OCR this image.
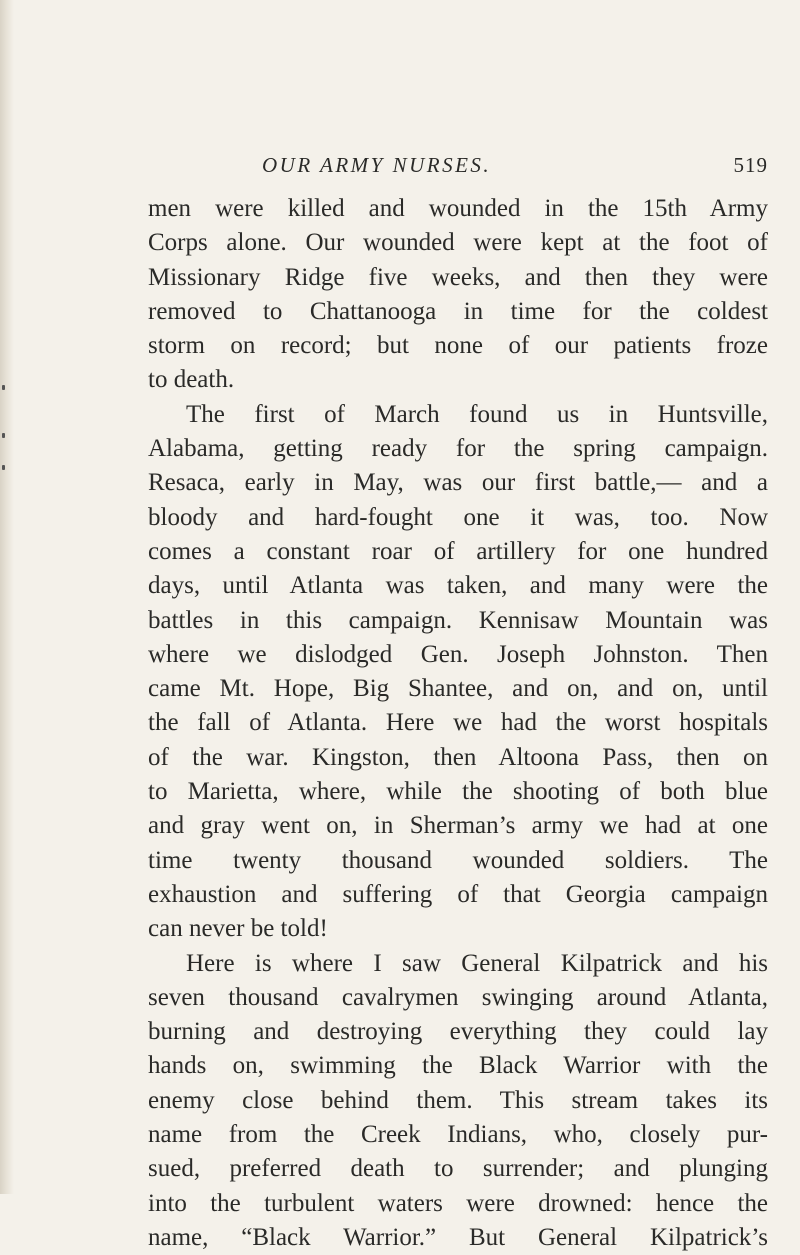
OUR ARMY NURSES.	519
men were killed and wounded in the 15th Army
Corps alone. Our wounded were kept at the foot of
Missionary Ridge five weeks, and then they were
removed to Chattanooga in time for the coldest
storm on record; but none of our patients froze
to death.
The first of March found us in Huntsville,
Alabama, getting ready for the spring campaign.
Resaca, early in May, was our first battle,— and a
bloody and hard-fought one it was, too. Now
comes a constant roar of artillery for one hundred
days, until Atlanta was taken, and many were the
battles in this campaign. Kennisaw Mountain was
where we dislodged Gen. Joseph Johnston. Then
came Mt. Hope, Big Shantee, and on, and on, until
the fall of Atlanta. Here we had the worst hospitals
of the war. Kingston, then Altoona Pass, then on
to Marietta, where, while the shooting of both blue
and gray went on, in Sherman’s army we had at one
time twenty thousand wounded soldiers. The
exhaustion and suffering of that Georgia campaign
can never be told!
Here is where I saw General Kilpatrick and his
seven thousand cavalrymen swinging around Atlanta,
burning and destroying everything they could lay
hands on, swimming the Black Warrior with the
enemy close behind them. This stream takes its
name from the Creek Indians, who, closely pur-
sued, preferred death to surrender; and plunging
into the turbulent waters were drowned: hence the
name, “Black Warrior.” But General Kilpatrick’s
